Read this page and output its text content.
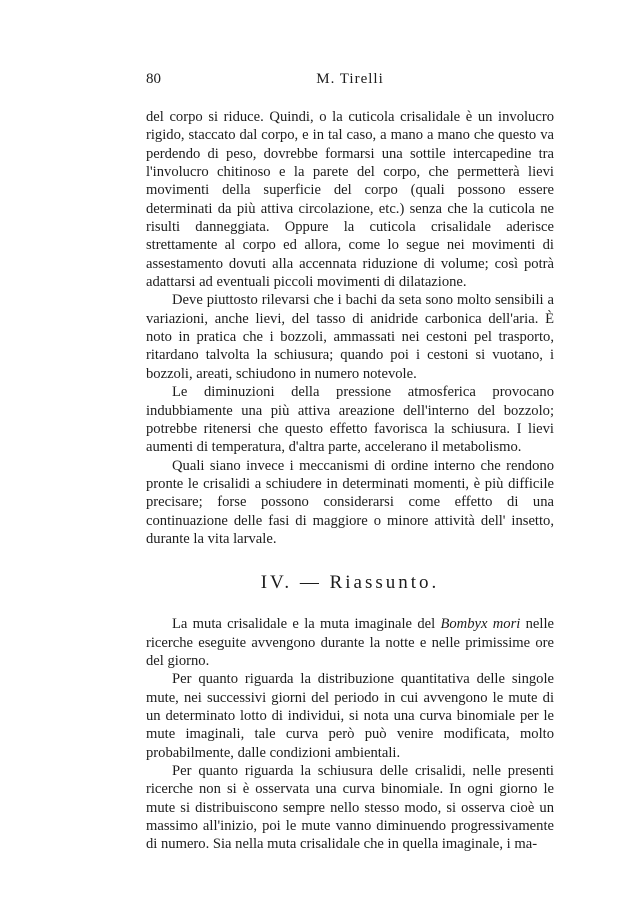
80	M. Tirelli

del corpo si riduce. Quindi, o la cuticola crisalidale è un involucro rigido, staccato dal corpo, e in tal caso, a mano a mano che questo va perdendo di peso, dovrebbe formarsi una sottile intercapedine tra l'involucro chitinoso e la parete del corpo, che permetterà lievi movimenti della superficie del corpo (quali possono essere determinati da più attiva circolazione, etc.) senza che la cuticola ne risulti danneggiata. Oppure la cuticola crisalidale aderisce strettamente al corpo ed allora, come lo segue nei movimenti di assestamento dovuti alla accennata riduzione di volume; così potrà adattarsi ad eventuali piccoli movimenti di dilatazione.

Deve piuttosto rilevarsi che i bachi da seta sono molto sensibili a variazioni, anche lievi, del tasso di anidride carbonica dell'aria. È noto in pratica che i bozzoli, ammassati nei cestoni pel trasporto, ritardano talvolta la schiusura; quando poi i cestoni si vuotano, i bozzoli, areati, schiudono in numero notevole.

Le diminuzioni della pressione atmosferica provocano indubbiamente una più attiva areazione dell'interno del bozzolo; potrebbe ritenersi che questo effetto favorisca la schiusura. I lievi aumenti di temperatura, d'altra parte, accelerano il metabolismo.

Quali siano invece i meccanismi di ordine interno che rendono pronte le crisalidi a schiudere in determinati momenti, è più difficile precisare; forse possono considerarsi come effetto di una continuazione delle fasi di maggiore o minore attività dell' insetto, durante la vita larvale.

IV. — Riassunto.

La muta crisalidale e la muta imaginale del Bombyx mori nelle ricerche eseguite avvengono durante la notte e nelle primissime ore del giorno.

Per quanto riguarda la distribuzione quantitativa delle singole mute, nei successivi giorni del periodo in cui avvengono le mute di un determinato lotto di individui, si nota una curva binomiale per le mute imaginali, tale curva però può venire modificata, molto probabilmente, dalle condizioni ambientali.

Per quanto riguarda la schiusura delle crisalidi, nelle presenti ricerche non si è osservata una curva binomiale. In ogni giorno le mute si distribuiscono sempre nello stesso modo, si osserva cioè un massimo all'inizio, poi le mute vanno diminuendo progressivamente di numero. Sia nella muta crisalidale che in quella imaginale, i ma-
